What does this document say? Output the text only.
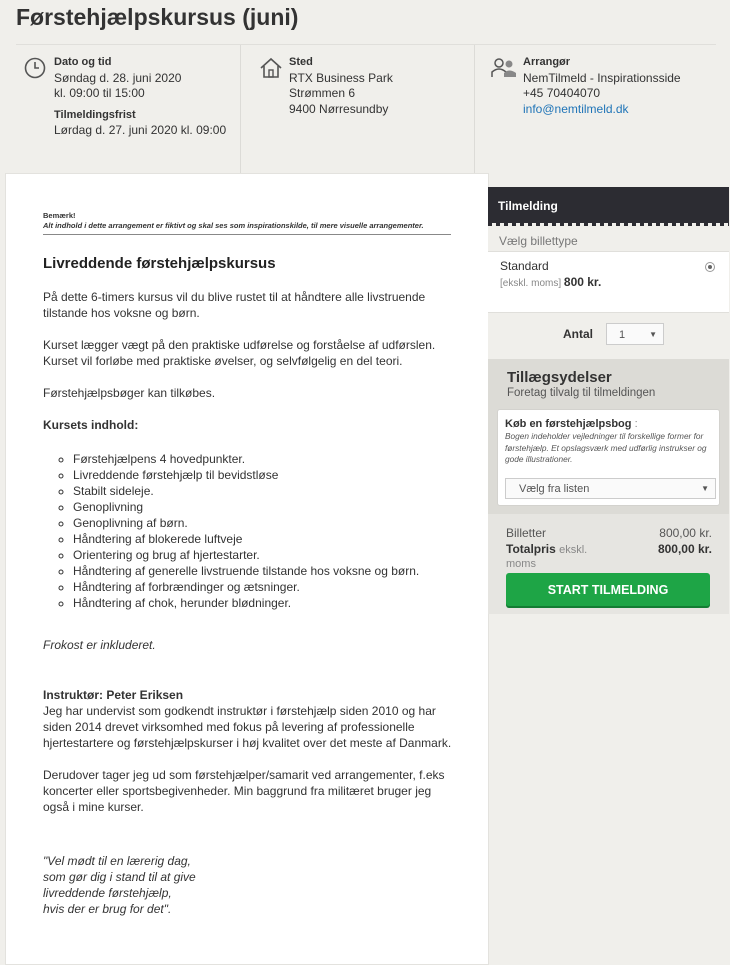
Førstehjælpskursus (juni)
Dato og tid
Søndag d. 28. juni 2020
kl. 09:00 til 15:00
Tilmeldingsfrist
Lørdag d. 27. juni 2020 kl. 09:00
Sted
RTX Business Park
Strømmen 6
9400 Nørresundby
Arrangør
NemTilmeld - Inspirationsside
+45 70404070
info@nemtilmeld.dk
Bemærk!
Alt indhold i dette arrangement er fiktivt og skal ses som inspirationskilde, til mere visuelle arrangementer.
Livreddende førstehjælpskursus

På dette 6-timers kursus vil du blive rustet til at håndtere alle livstruende tilstande hos voksne og børn.

Kurset lægger vægt på den praktiske udførelse og forståelse af udførslen. Kurset vil forløbe med praktiske øvelser, og selvfølgelig en del teori.

Førstehjælpsbøger kan tilkøbes.

Kursets indhold:

◦ Førstehjælpens 4 hovedpunkter.
◦ Livreddende førstehjælp til bevidstløse
◦ Stabilt sideleje.
◦ Genoplivning
◦ Genoplivning af børn.
◦ Håndtering af blokerede luftveje
◦ Orientering og brug af hjertestarter.
◦ Håndtering af generelle livstruende tilstande hos voksne og børn.
◦ Håndtering af forbrændinger og ætsninger.
◦ Håndtering af chok, herunder blødninger.

Frokost er inkluderet.

Instruktør: Peter Eriksen
Jeg har undervist som godkendt instruktør i førstehjælp siden 2010 og har siden 2014 drevet virksomhed med fokus på levering af professionelle hjertestartere og førstehjælpskurser i høj kvalitet over det meste af Danmark.

Derudover tager jeg ud som førstehjælper/samarit ved arrangementer, f.eks koncerter eller sportsbegivenheder. Min baggrund fra militæret bruger jeg også i mine kurser.

"Vel mødt til en lærerig dag,
som gør dig i stand til at give
livreddende førstehjælp,
hvis der er brug for det".

Tilmelding
Vælg billettype
Standard
[ekskl. moms] 800 kr.
Antal	1	▼
Tillægsydelser
Foretag tilvalg til tilmeldingen
Køb en førstehjælpsbog :
Bogen indeholder vejledninger til forskellige former for førstehjælp. Et opslagsværk med udførlig instrukser og gode illustrationer.
Vælg fra listen	▼
Billetter	800,00 kr.
Totalpris ekskl.	800,00 kr.
moms
START TILMELDING
